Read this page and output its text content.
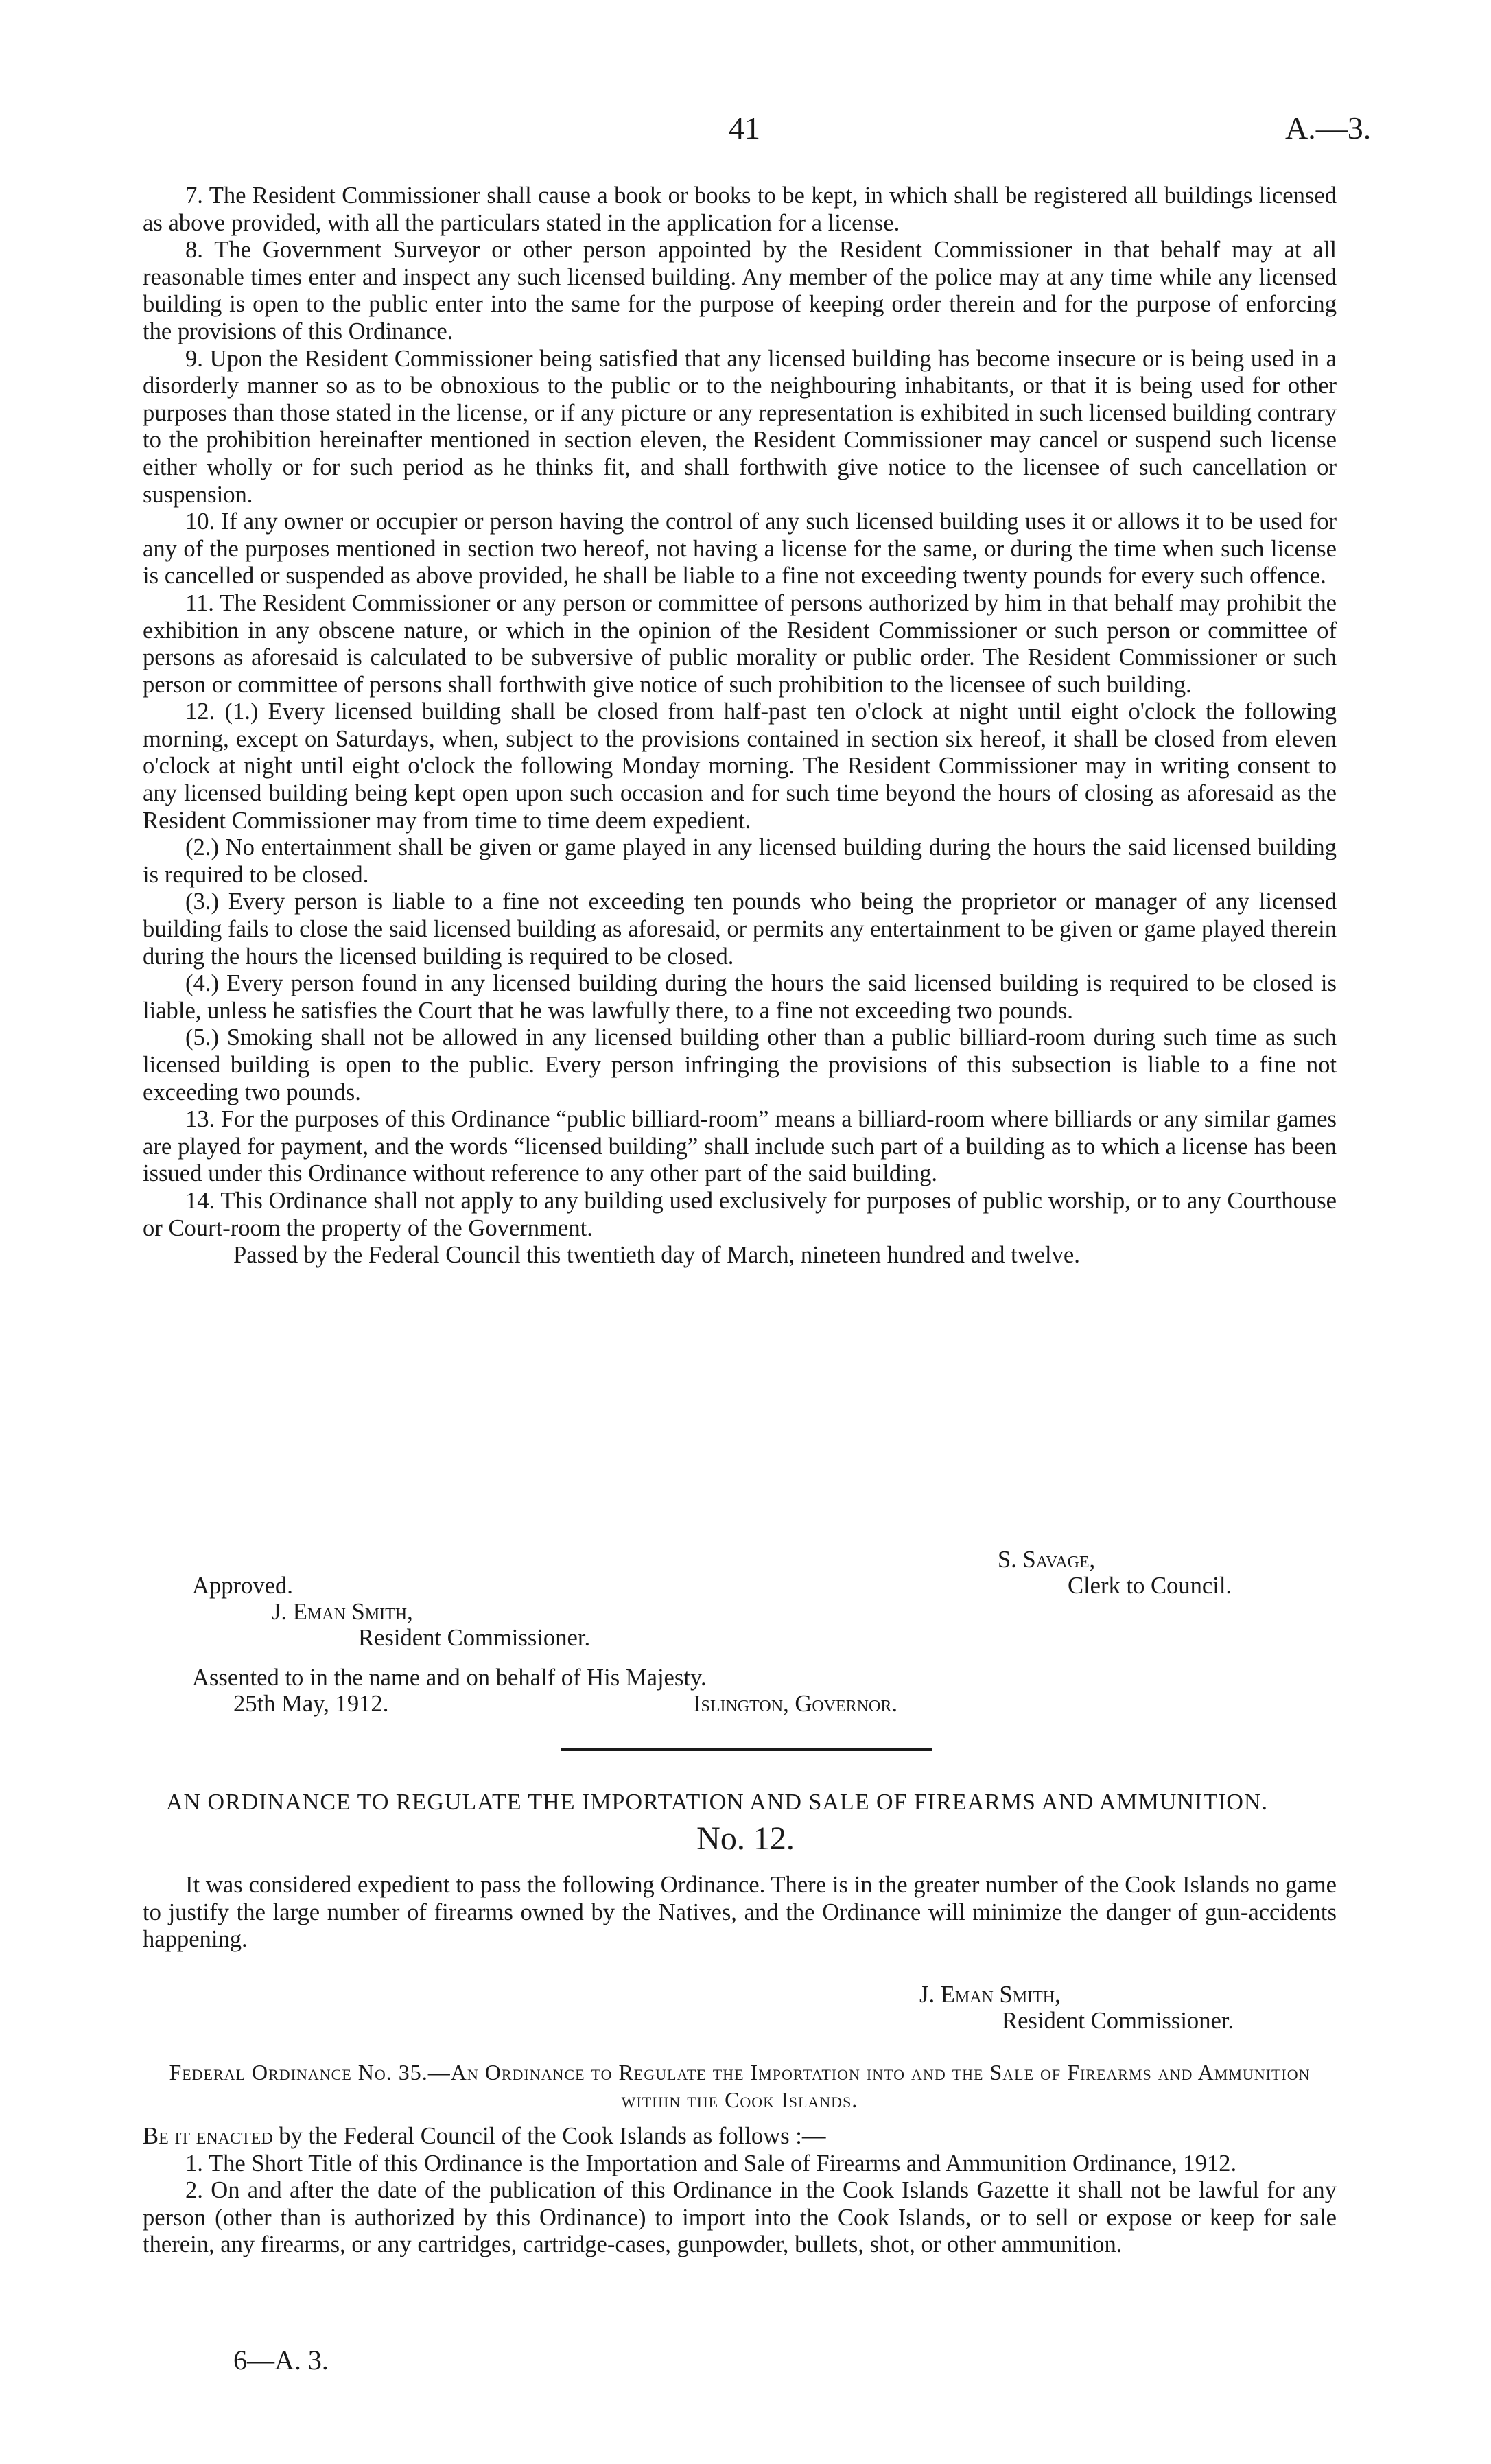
41	A.—3.

7. The Resident Commissioner shall cause a book or books to be kept, in which shall be registered all buildings licensed as above provided, with all the particulars stated in the application for a license.

8. The Government Surveyor or other person appointed by the Resident Commissioner in that behalf may at all reasonable times enter and inspect any such licensed building. Any member of the police may at any time while any licensed building is open to the public enter into the same for the purpose of keeping order therein and for the purpose of enforcing the provisions of this Ordinance.

9. Upon the Resident Commissioner being satisfied that any licensed building has become insecure or is being used in a disorderly manner so as to be obnoxious to the public or to the neighbouring inhabitants, or that it is being used for other purposes than those stated in the license, or if any picture or any representation is exhibited in such licensed building contrary to the prohibition hereinafter mentioned in section eleven, the Resident Commissioner may cancel or suspend such license either wholly or for such period as he thinks fit, and shall forthwith give notice to the licensee of such cancellation or suspension.

10. If any owner or occupier or person having the control of any such licensed building uses it or allows it to be used for any of the purposes mentioned in section two hereof, not having a license for the same, or during the time when such license is cancelled or suspended as above provided, he shall be liable to a fine not exceeding twenty pounds for every such offence.

11. The Resident Commissioner or any person or committee of persons authorized by him in that behalf may prohibit the exhibition in any obscene nature, or which in the opinion of the Resident Commissioner or such person or committee of persons as aforesaid is calculated to be subversive of public morality or public order. The Resident Commissioner or such person or committee of persons shall forthwith give notice of such prohibition to the licensee of such building.

12. (1.) Every licensed building shall be closed from half-past ten o'clock at night until eight o'clock the following morning, except on Saturdays, when, subject to the provisions contained in section six hereof, it shall be closed from eleven o'clock at night until eight o'clock the following Monday morning. The Resident Commissioner may in writing consent to any licensed building being kept open upon such occasion and for such time beyond the hours of closing as aforesaid as the Resident Commissioner may from time to time deem expedient.

(2.) No entertainment shall be given or game played in any licensed building during the hours the said licensed building is required to be closed.

(3.) Every person is liable to a fine not exceeding ten pounds who being the proprietor or manager of any licensed building fails to close the said licensed building as aforesaid, or permits any entertainment to be given or game played therein during the hours the licensed building is required to be closed.

(4.) Every person found in any licensed building during the hours the said licensed building is required to be closed is liable, unless he satisfies the Court that he was lawfully there, to a fine not exceeding two pounds.

(5.) Smoking shall not be allowed in any licensed building other than a public billiard-room during such time as such licensed building is open to the public. Every person infringing the provisions of this subsection is liable to a fine not exceeding two pounds.

13. For the purposes of this Ordinance “public billiard-room” means a billiard-room where billiards or any similar games are played for payment, and the words “licensed building” shall include such part of a building as to which a license has been issued under this Ordinance without reference to any other part of the said building.

14. This Ordinance shall not apply to any building used exclusively for purposes of public worship, or to any Courthouse or Court-room the property of the Government.

Passed by the Federal Council this twentieth day of March, nineteen hundred and twelve.

S. Savage,
Approved.	Clerk to Council.
J. Eman Smith,
Resident Commissioner.
Assented to in the name and on behalf of His Majesty.
25th May, 1912.	Islington, Governor.
AN ORDINANCE TO REGULATE THE IMPORTATION AND SALE OF FIREARMS AND AMMUNITION.
No. 12.

It was considered expedient to pass the following Ordinance. There is in the greater number of the Cook Islands no game to justify the large number of firearms owned by the Natives, and the Ordinance will minimize the danger of gun-accidents happening.

J. Eman Smith,
Resident Commissioner.
Federal Ordinance No. 35.—An Ordinance to Regulate the Importation into and the Sale of Firearms and Ammunition within the Cook Islands.

Be it enacted by the Federal Council of the Cook Islands as follows :—

1. The Short Title of this Ordinance is the Importation and Sale of Firearms and Ammunition Ordinance, 1912.

2. On and after the date of the publication of this Ordinance in the Cook Islands Gazette it shall not be lawful for any person (other than is authorized by this Ordinance) to import into the Cook Islands, or to sell or expose or keep for sale therein, any firearms, or any cartridges, cartridge-cases, gunpowder, bullets, shot, or other ammunition.

6—A. 3.
